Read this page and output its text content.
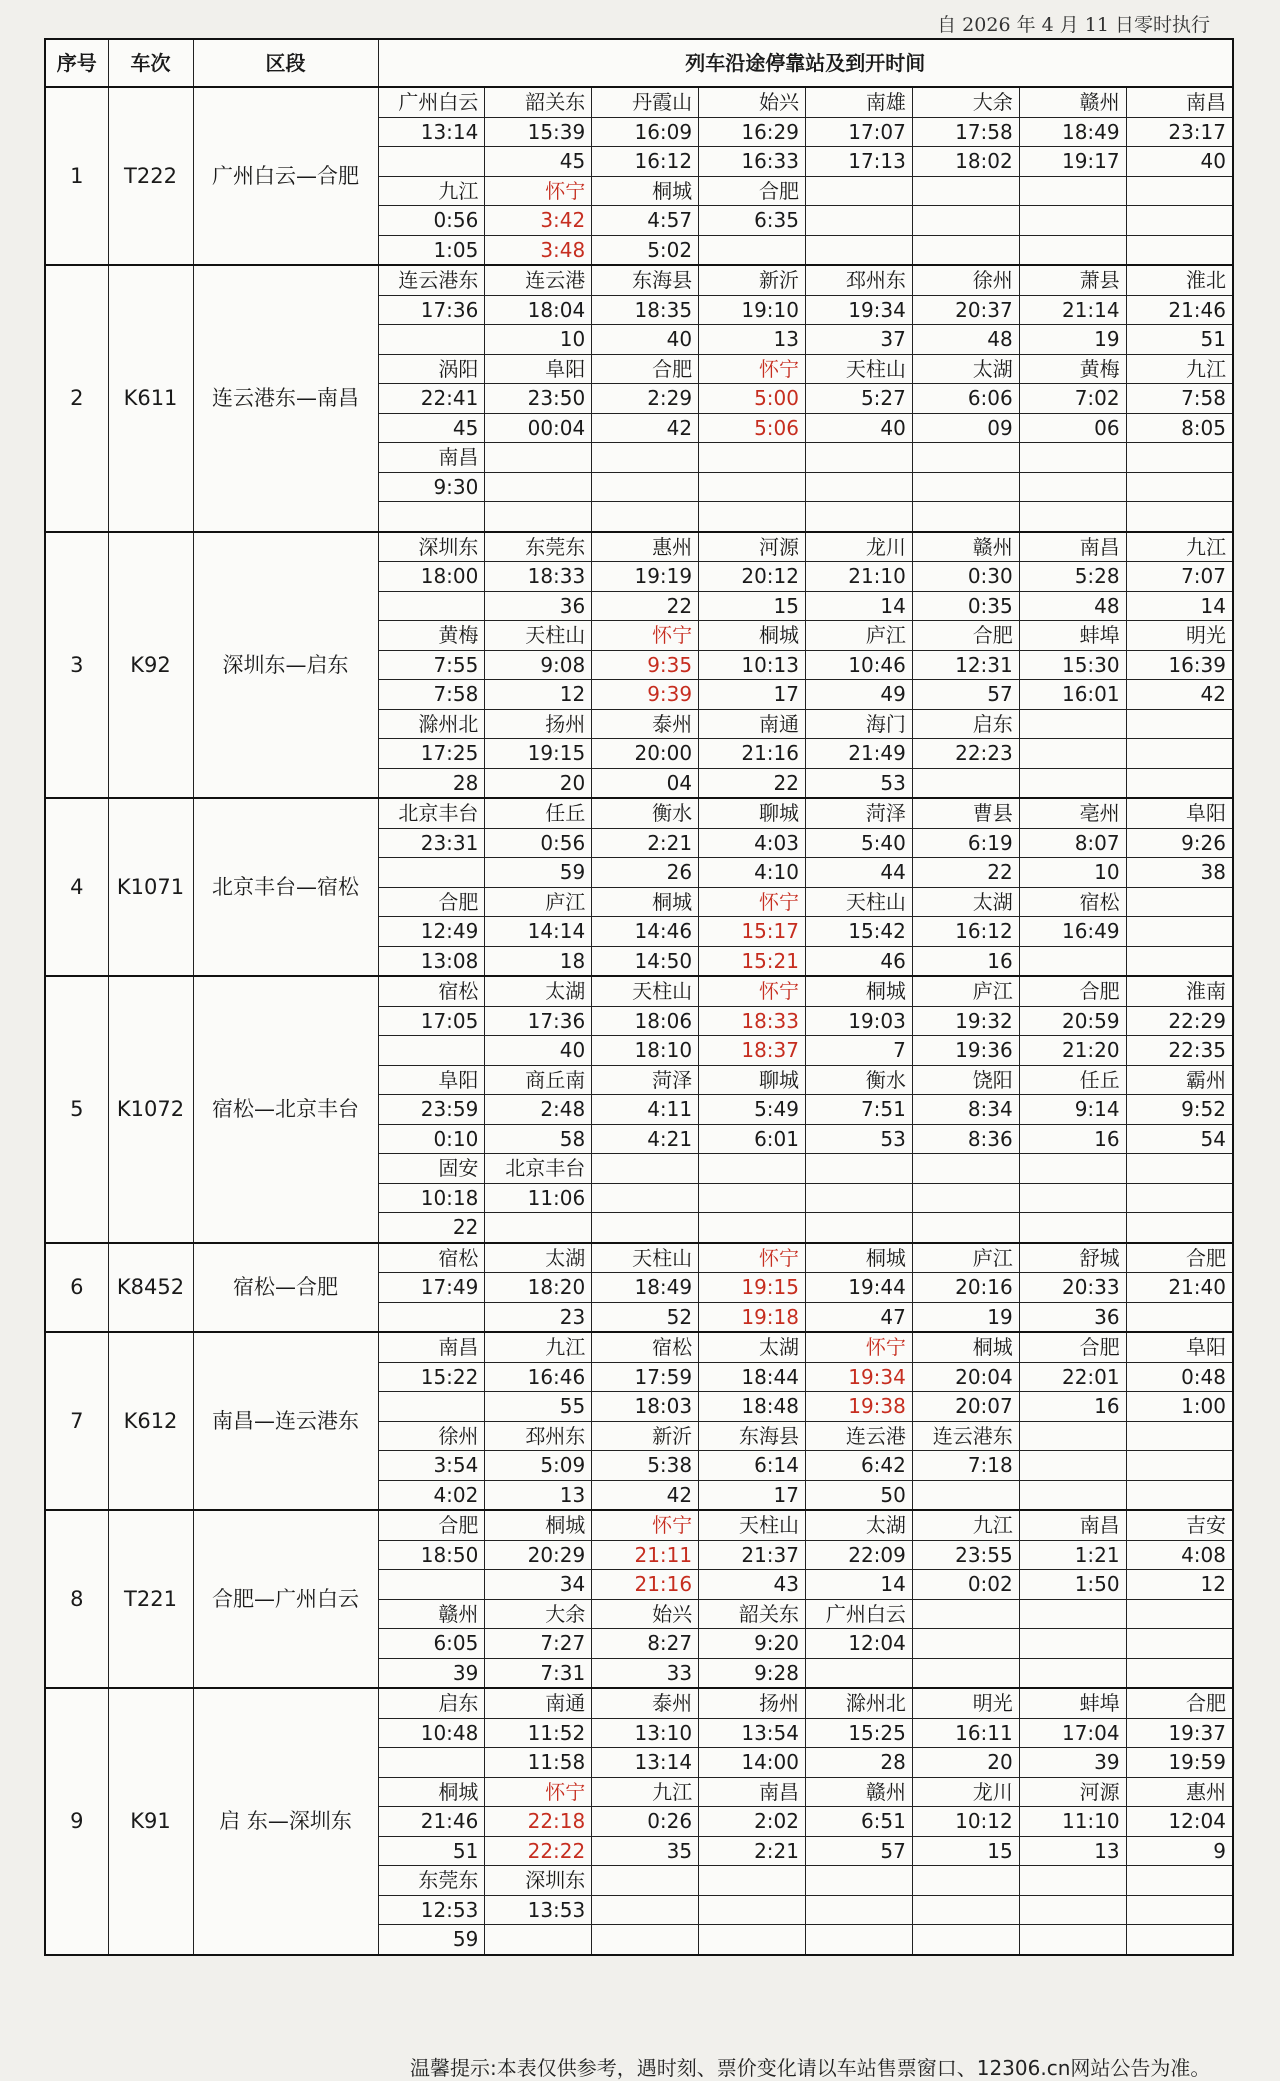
自 2026 年 4 月 11 日零时执行
序号	车次	区段	列车沿途停靠站及到开时间							
1	T222	广州白云—合肥	广州白云	韶关东	丹霞山	始兴	南雄	大余	赣州	南昌
			13:14	15:39	16:09	16:29	17:07	17:58	18:49	23:17
				45	16:12	16:33	17:13	18:02	19:17	40
			九江	怀宁	桐城	合肥				
			0:56	3:42	4:57	6:35				
			1:05	3:48	5:02					
2	K611	连云港东—南昌	连云港东	连云港	东海县	新沂	邳州东	徐州	萧县	淮北
			17:36	18:04	18:35	19:10	19:34	20:37	21:14	21:46
				10	40	13	37	48	19	51
			涡阳	阜阳	合肥	怀宁	天柱山	太湖	黄梅	九江
			22:41	23:50	2:29	5:00	5:27	6:06	7:02	7:58
			45	00:04	42	5:06	40	09	06	8:05
			南昌							
			9:30							

3	K92	深圳东—启东	深圳东	东莞东	惠州	河源	龙川	赣州	南昌	九江
			18:00	18:33	19:19	20:12	21:10	0:30	5:28	7:07
				36	22	15	14	0:35	48	14
			黄梅	天柱山	怀宁	桐城	庐江	合肥	蚌埠	明光
			7:55	9:08	9:35	10:13	10:46	12:31	15:30	16:39
			7:58	12	9:39	17	49	57	16:01	42
			滁州北	扬州	泰州	南通	海门	启东		
			17:25	19:15	20:00	21:16	21:49	22:23		
			28	20	04	22	53			
4	K1071	北京丰台—宿松	北京丰台	任丘	衡水	聊城	菏泽	曹县	亳州	阜阳
			23:31	0:56	2:21	4:03	5:40	6:19	8:07	9:26
				59	26	4:10	44	22	10	38
			合肥	庐江	桐城	怀宁	天柱山	太湖	宿松	
			12:49	14:14	14:46	15:17	15:42	16:12	16:49	
			13:08	18	14:50	15:21	46	16		
5	K1072	宿松—北京丰台	宿松	太湖	天柱山	怀宁	桐城	庐江	合肥	淮南
			17:05	17:36	18:06	18:33	19:03	19:32	20:59	22:29
				40	18:10	18:37	7	19:36	21:20	22:35
			阜阳	商丘南	菏泽	聊城	衡水	饶阳	任丘	霸州
			23:59	2:48	4:11	5:49	7:51	8:34	9:14	9:52
			0:10	58	4:21	6:01	53	8:36	16	54
			固安	北京丰台						
			10:18	11:06						
			22							
6	K8452	宿松—合肥	宿松	太湖	天柱山	怀宁	桐城	庐江	舒城	合肥
			17:49	18:20	18:49	19:15	19:44	20:16	20:33	21:40
				23	52	19:18	47	19	36	
7	K612	南昌—连云港东	南昌	九江	宿松	太湖	怀宁	桐城	合肥	阜阳
			15:22	16:46	17:59	18:44	19:34	20:04	22:01	0:48
				55	18:03	18:48	19:38	20:07	16	1:00
			徐州	邳州东	新沂	东海县	连云港	连云港东		
			3:54	5:09	5:38	6:14	6:42	7:18		
			4:02	13	42	17	50			
8	T221	合肥—广州白云	合肥	桐城	怀宁	天柱山	太湖	九江	南昌	吉安
			18:50	20:29	21:11	21:37	22:09	23:55	1:21	4:08
				34	21:16	43	14	0:02	1:50	12
			赣州	大余	始兴	韶关东	广州白云			
			6:05	7:27	8:27	9:20	12:04			
			39	7:31	33	9:28				
9	K91	启 东—深圳东	启东	南通	泰州	扬州	滁州北	明光	蚌埠	合肥
			10:48	11:52	13:10	13:54	15:25	16:11	17:04	19:37
				11:58	13:14	14:00	28	20	39	19:59
			桐城	怀宁	九江	南昌	赣州	龙川	河源	惠州
			21:46	22:18	0:26	2:02	6:51	10:12	11:10	12:04
			51	22:22	35	2:21	57	15	13	9
			东莞东	深圳东						
			12:53	13:53						
			59							
温馨提示:本表仅供参考，遇时刻、票价变化请以车站售票窗口、12306.cn网站公告为准。
